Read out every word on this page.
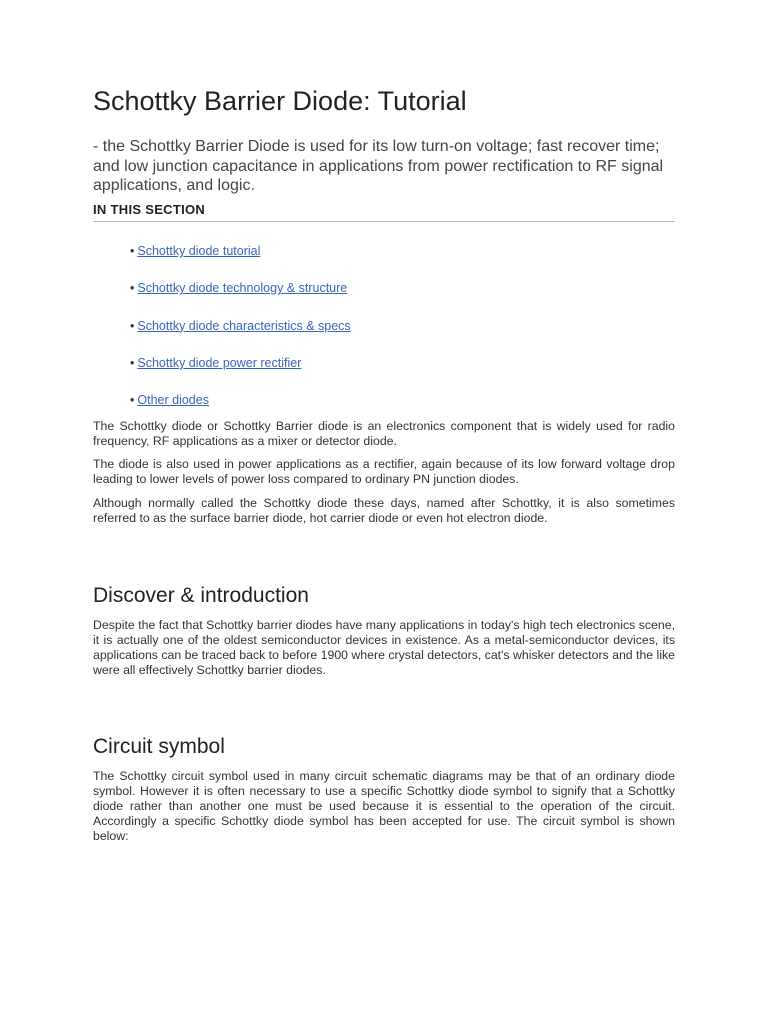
Schottky Barrier Diode: Tutorial
- the Schottky Barrier Diode is used for its low turn-on voltage; fast recover time; and low junction capacitance in applications from power rectification to RF signal applications, and logic.
IN THIS SECTION
• Schottky diode tutorial
• Schottky diode technology & structure
• Schottky diode characteristics & specs
• Schottky diode power rectifier
• Other diodes

The Schottky diode or Schottky Barrier diode is an electronics component that is widely used for radio frequency, RF applications as a mixer or detector diode.

The diode is also used in power applications as a rectifier, again because of its low forward voltage drop leading to lower levels of power loss compared to ordinary PN junction diodes.

Although normally called the Schottky diode these days, named after Schottky, it is also sometimes referred to as the surface barrier diode, hot carrier diode or even hot electron diode.

Discover & introduction

Despite the fact that Schottky barrier diodes have many applications in today's high tech electronics scene, it is actually one of the oldest semiconductor devices in existence. As a metal-semiconductor devices, its applications can be traced back to before 1900 where crystal detectors, cat's whisker detectors and the like were all effectively Schottky barrier diodes.

Circuit symbol

The Schottky circuit symbol used in many circuit schematic diagrams may be that of an ordinary diode symbol. However it is often necessary to use a specific Schottky diode symbol to signify that a Schottky diode rather than another one must be used because it is essential to the operation of the circuit. Accordingly a specific Schottky diode symbol has been accepted for use. The circuit symbol is shown below:
